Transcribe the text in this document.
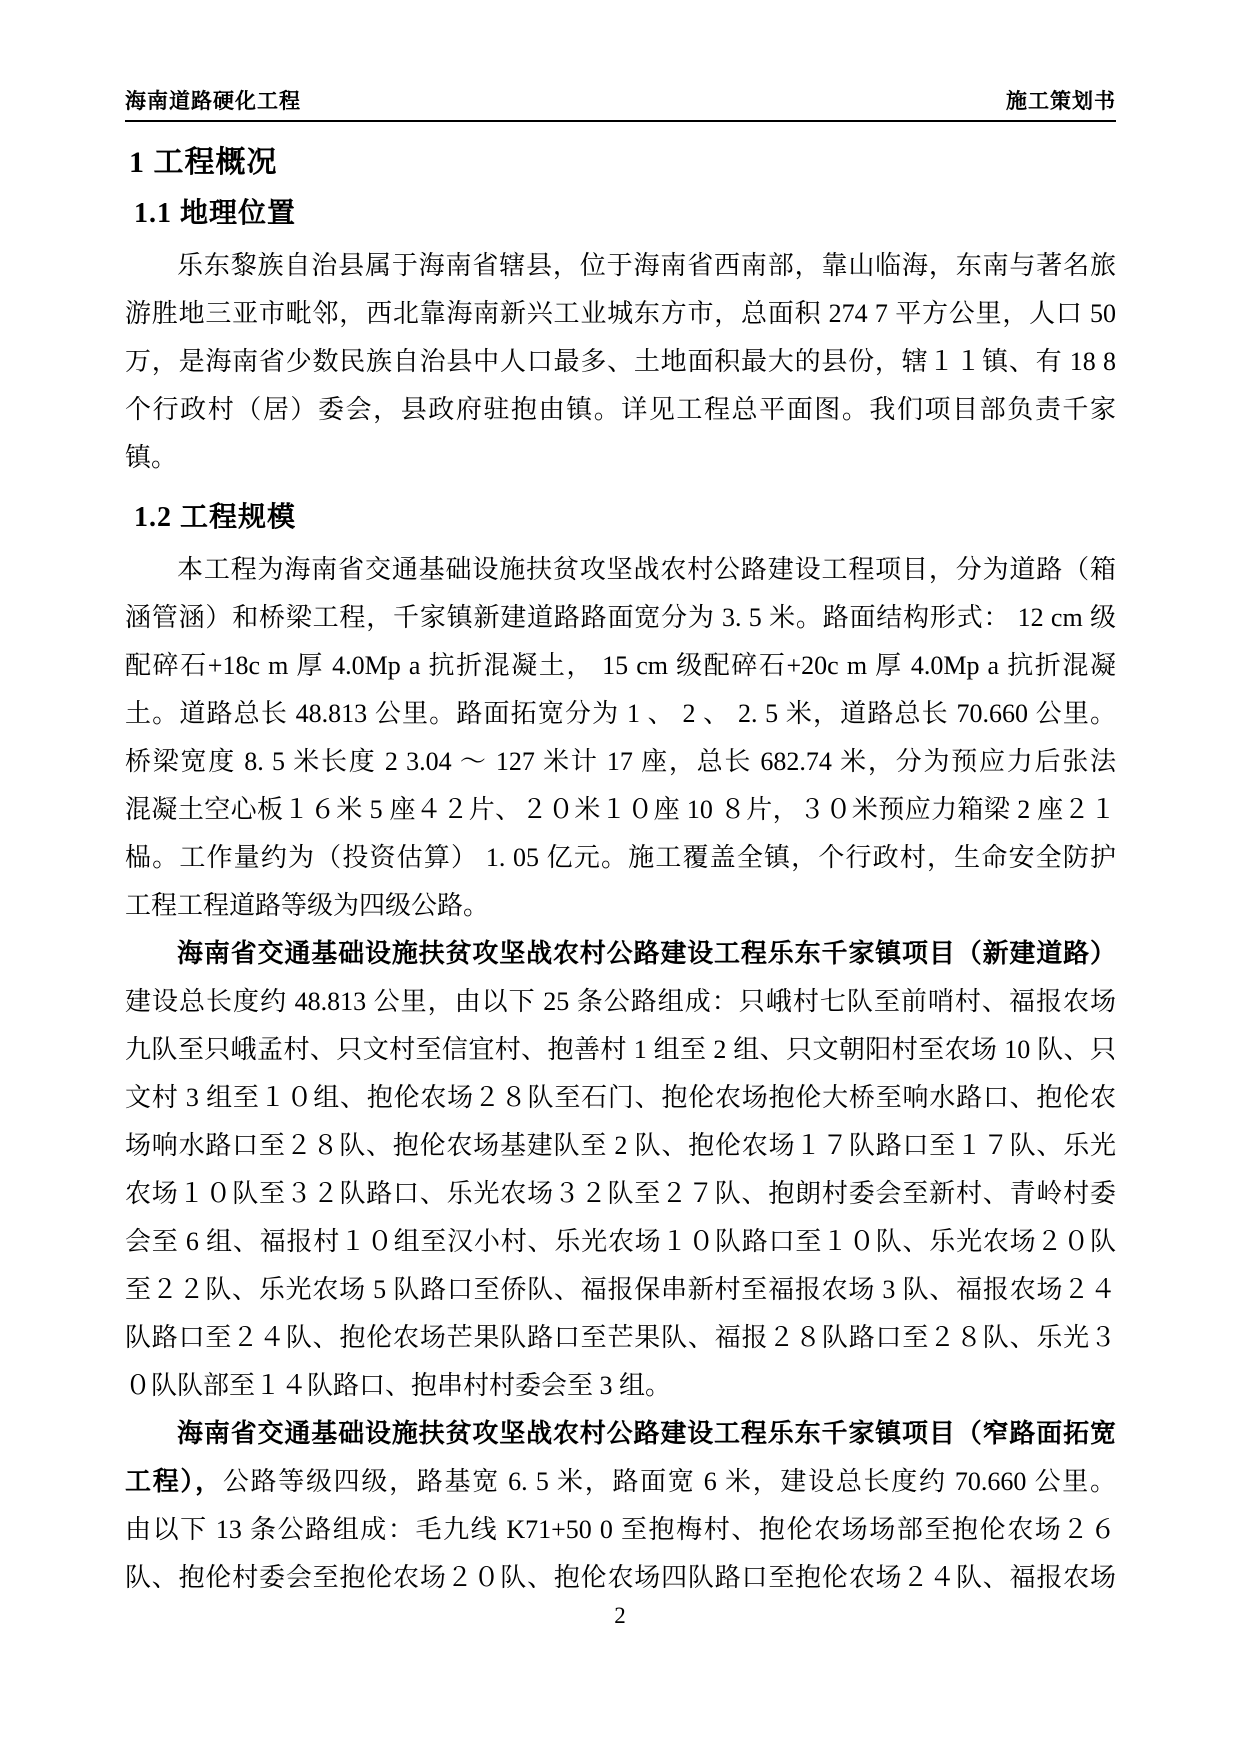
海南道路硬化工程	施工策划书
1 工程概况
1.1 地理位置
乐东黎族自治县属于海南省辖县，位于海南省西南部，靠山临海，东南与著名旅
游胜地三亚市毗邻，西北靠海南新兴工业城东方市，总面积 274 7 平方公里，人口 50
万，是海南省少数民族自治县中人口最多、土地面积最大的县份，辖１１镇、有 18 8
个行政村（居）委会，县政府驻抱由镇。详见工程总平面图。我们项目部负责千家
镇。
1.2 工程规模
本工程为海南省交通基础设施扶贫攻坚战农村公路建设工程项目，分为道路（箱
涵管涵）和桥梁工程，千家镇新建道路路面宽分为 3. 5 米。路面结构形式： 12 cm 级
配碎石+18c m 厚 4.0Mp a 抗折混凝土， 15 cm 级配碎石+20c m 厚 4.0Mp a 抗折混凝
土。道路总长 48.813 公里。路面拓宽分为 1 、 2 、 2. 5 米，道路总长 70.660 公里。
桥梁宽度 8. 5 米长度 2 3.04 ～ 127 米计 17 座，总长 682.74 米，分为预应力后张法
混凝土空心板１６米 5 座４２片、２０米１０座 10 ８片，３０米预应力箱梁 2 座２１
榀。工作量约为（投资估算） 1. 05 亿元。施工覆盖全镇，个行政村，生命安全防护
工程工程道路等级为四级公路。
海南省交通基础设施扶贫攻坚战农村公路建设工程乐东千家镇项目（新建道路）
建设总长度约 48.813 公里，由以下 25 条公路组成：只峨村七队至前哨村、福报农场
九队至只峨孟村、只文村至信宜村、抱善村 1 组至 2 组、只文朝阳村至农场 10 队、只
文村 3 组至１０组、抱伦农场２８队至石门、抱伦农场抱伦大桥至响水路口、抱伦农
场响水路口至２８队、抱伦农场基建队至 2 队、抱伦农场１７队路口至１７队、乐光
农场１０队至３２队路口、乐光农场３２队至２７队、抱朗村委会至新村、青岭村委
会至 6 组、福报村１０组至汉小村、乐光农场１０队路口至１０队、乐光农场２０队
至２２队、乐光农场 5 队路口至侨队、福报保串新村至福报农场 3 队、福报农场２４
队路口至２４队、抱伦农场芒果队路口至芒果队、福报２８队路口至２８队、乐光３
０队队部至１４队路口、抱串村村委会至 3 组。
海南省交通基础设施扶贫攻坚战农村公路建设工程乐东千家镇项目（窄路面拓宽
工程），公路等级四级，路基宽 6. 5 米，路面宽 6 米，建设总长度约 70.660 公里。
由以下 13 条公路组成：毛九线 K71+50 0 至抱梅村、抱伦农场场部至抱伦农场２６
队、抱伦村委会至抱伦农场２０队、抱伦农场四队路口至抱伦农场２４队、福报农场
2
